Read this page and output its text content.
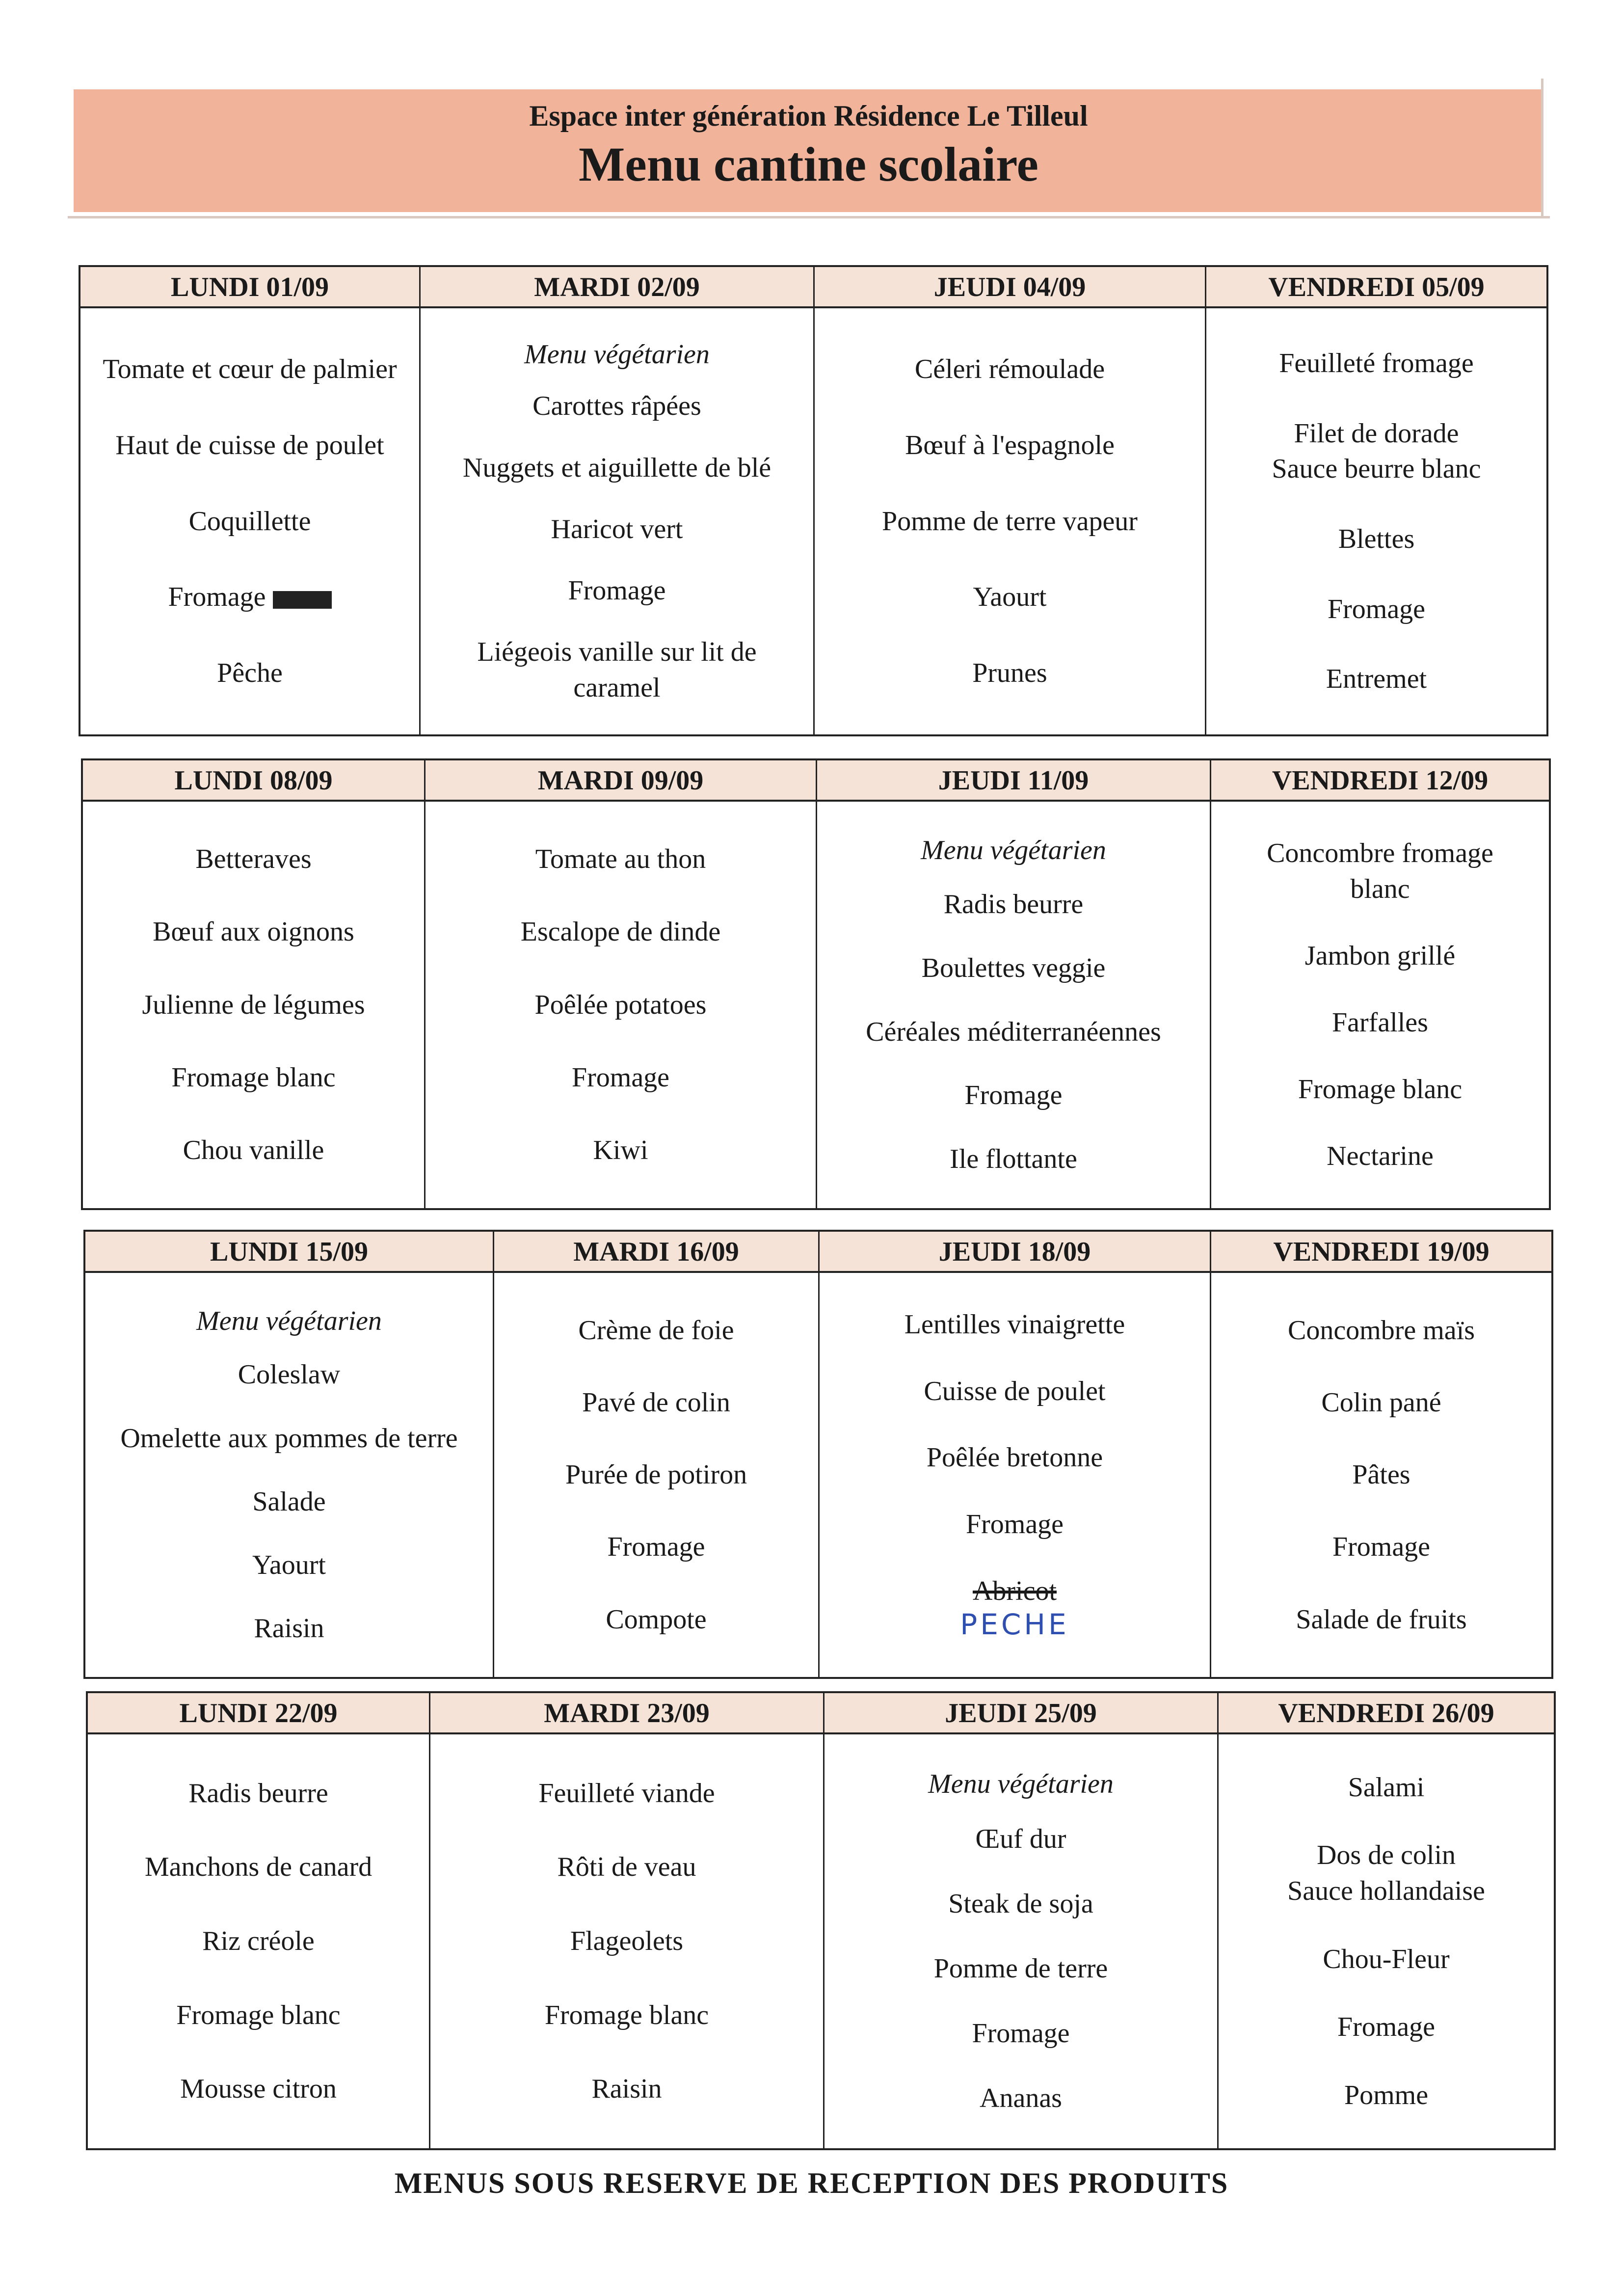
Espace inter génération Résidence Le Tilleul
Menu cantine scolaire
LUNDI 01/09
Tomate et cœur de palmier
Haut de cuisse de poulet
Coquillette
Fromage
Pêche
MARDI 02/09
Menu végétarien
Carottes râpées
Nuggets et aiguillette de blé
Haricot vert
Fromage
Liégeois vanille sur lit de caramel
JEUDI 04/09
Céleri rémoulade
Bœuf à l'espagnole
Pomme de terre vapeur
Yaourt
Prunes
VENDREDI 05/09
Feuilleté fromage
Filet de dorade
Sauce beurre blanc
Blettes
Fromage
Entremet
LUNDI 08/09
Betteraves
Bœuf aux oignons
Julienne de légumes
Fromage blanc
Chou vanille
MARDI 09/09
Tomate au thon
Escalope de dinde
Poêlée potatoes
Fromage
Kiwi
JEUDI 11/09
Menu végétarien
Radis beurre
Boulettes veggie
Céréales méditerranéennes
Fromage
Ile flottante
VENDREDI 12/09
Concombre fromage blanc
Jambon grillé
Farfalles
Fromage blanc
Nectarine
LUNDI 15/09
Menu végétarien
Coleslaw
Omelette aux pommes de terre
Salade
Yaourt
Raisin
MARDI 16/09
Crème de foie
Pavé de colin
Purée de potiron
Fromage
Compote
JEUDI 18/09
Lentilles vinaigrette
Cuisse de poulet
Poêlée bretonne
Fromage
Abricot
PECHE
VENDREDI 19/09
Concombre maïs
Colin pané
Pâtes
Fromage
Salade de fruits
LUNDI 22/09
Radis beurre
Manchons de canard
Riz créole
Fromage blanc
Mousse citron
MARDI 23/09
Feuilleté viande
Rôti de veau
Flageolets
Fromage blanc
Raisin
JEUDI 25/09
Menu végétarien
Œuf dur
Steak de soja
Pomme de terre
Fromage
Ananas
VENDREDI 26/09
Salami
Dos de colin
Sauce hollandaise
Chou-Fleur
Fromage
Pomme
MENUS SOUS RESERVE DE RECEPTION DES PRODUITS
